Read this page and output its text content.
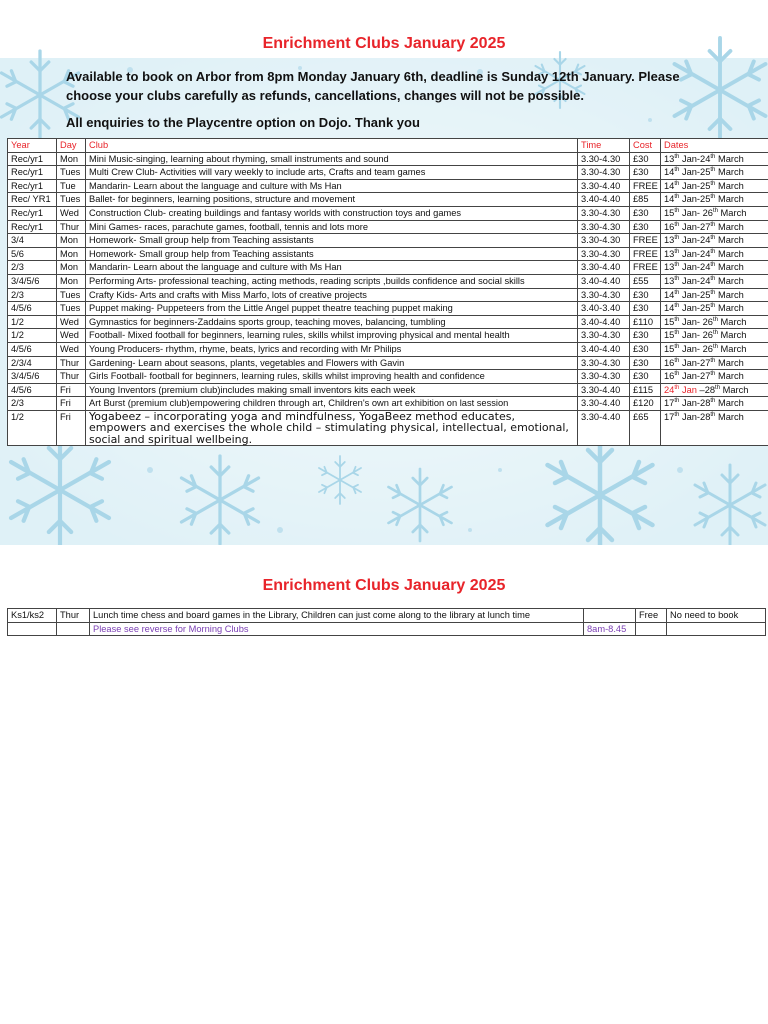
Enrichment Clubs January 2025
Available to book on Arbor from 8pm Monday January 6th, deadline is Sunday 12th January. Please
choose your clubs carefully as refunds, cancellations, changes will not be possible.
All enquiries to the Playcentre option on Dojo. Thank you
Year	Day	Club	Time	Cost	Dates
Rec/yr1	Mon	Mini Music-singing, learning about rhyming, small instruments and sound	3.30-4.30	£30	13th Jan-24th March
Rec/yr1	Tues	Multi Crew Club- Activities will vary weekly to include arts, Crafts and team games	3.30-4.30	£30	14th Jan-25th March
Rec/yr1	Tue	Mandarin- Learn about the language and culture with Ms Han	3.30-4.40	FREE	14th Jan-25th March
Rec/ YR1	Tues	Ballet- for beginners, learning positions, structure and movement	3.40-4.40	£85	14th Jan-25th March
Rec/yr1	Wed	Construction Club- creating buildings and fantasy worlds with construction toys and games	3.30-4.30	£30	15th Jan- 26th March
Rec/yr1	Thur	Mini Games- races, parachute games, football, tennis and lots more	3.30-4.30	£30	16th Jan-27th March
3/4	Mon	Homework- Small group help from Teaching assistants	3.30-4.30	FREE	13th Jan-24th March
5/6	Mon	Homework- Small group help from Teaching assistants	3.30-4.30	FREE	13th Jan-24th March
2/3	Mon	Mandarin- Learn about the language and culture with Ms Han	3.30-4.40	FREE	13th Jan-24th March
3/4/5/6	Mon	Performing Arts- professional teaching, acting methods, reading scripts ,builds confidence and social skills	3.40-4.40	£55	13th Jan-24th March
2/3	Tues	Crafty Kids- Arts and crafts with Miss Marfo, lots of creative projects	3.30-4.30	£30	14th Jan-25th March
4/5/6	Tues	Puppet making- Puppeteers from the Little Angel puppet theatre teaching puppet making	3.40-3.40	£30	14th Jan-25th March
1/2	Wed	Gymnastics for beginners-Zaddains sports group, teaching moves, balancing, tumbling	3.40-4.40	£110	15th Jan- 26th March
1/2	Wed	Football- Mixed football for beginners, learning rules, skills whilst improving physical and mental health	3.30-4.30	£30	15th Jan- 26th March
4/5/6	Wed	Young Producers- rhythm, rhyme, beats, lyrics and recording with Mr Philips	3.40-4.40	£30	15th Jan- 26th March
2/3/4	Thur	Gardening- Learn about seasons, plants, vegetables and Flowers with Gavin	3.30-4.30	£30	16th Jan-27th March
3/4/5/6	Thur	Girls Football- football for beginners, learning rules, skills whilst improving health and confidence	3.30-4.30	£30	16th Jan-27th March
4/5/6	Fri	Young Inventors (premium club)includes making small inventors kits each week	3.30-4.40	£115	24th Jan –28th March
2/3	Fri	Art Burst (premium club)empowering children through art, Children's own art exhibition on last session	3.30-4.40	£120	17th Jan-28th March
1/2	Fri	Yogabeez – incorporating yoga and mindfulness, YogaBeez method educates, empowers and exercises the whole child – stimulating physical, intellectual, emotional, social and spiritual wellbeing.	3.30-4.40	£65	17th Jan-28th March
Enrichment Clubs January 2025
Ks1/ks2	Thur	Lunch time chess and board games in the Library, Children can just come along to the library at lunch time		Free	No need to book
		Please see reverse for Morning Clubs	8am-8.45		
